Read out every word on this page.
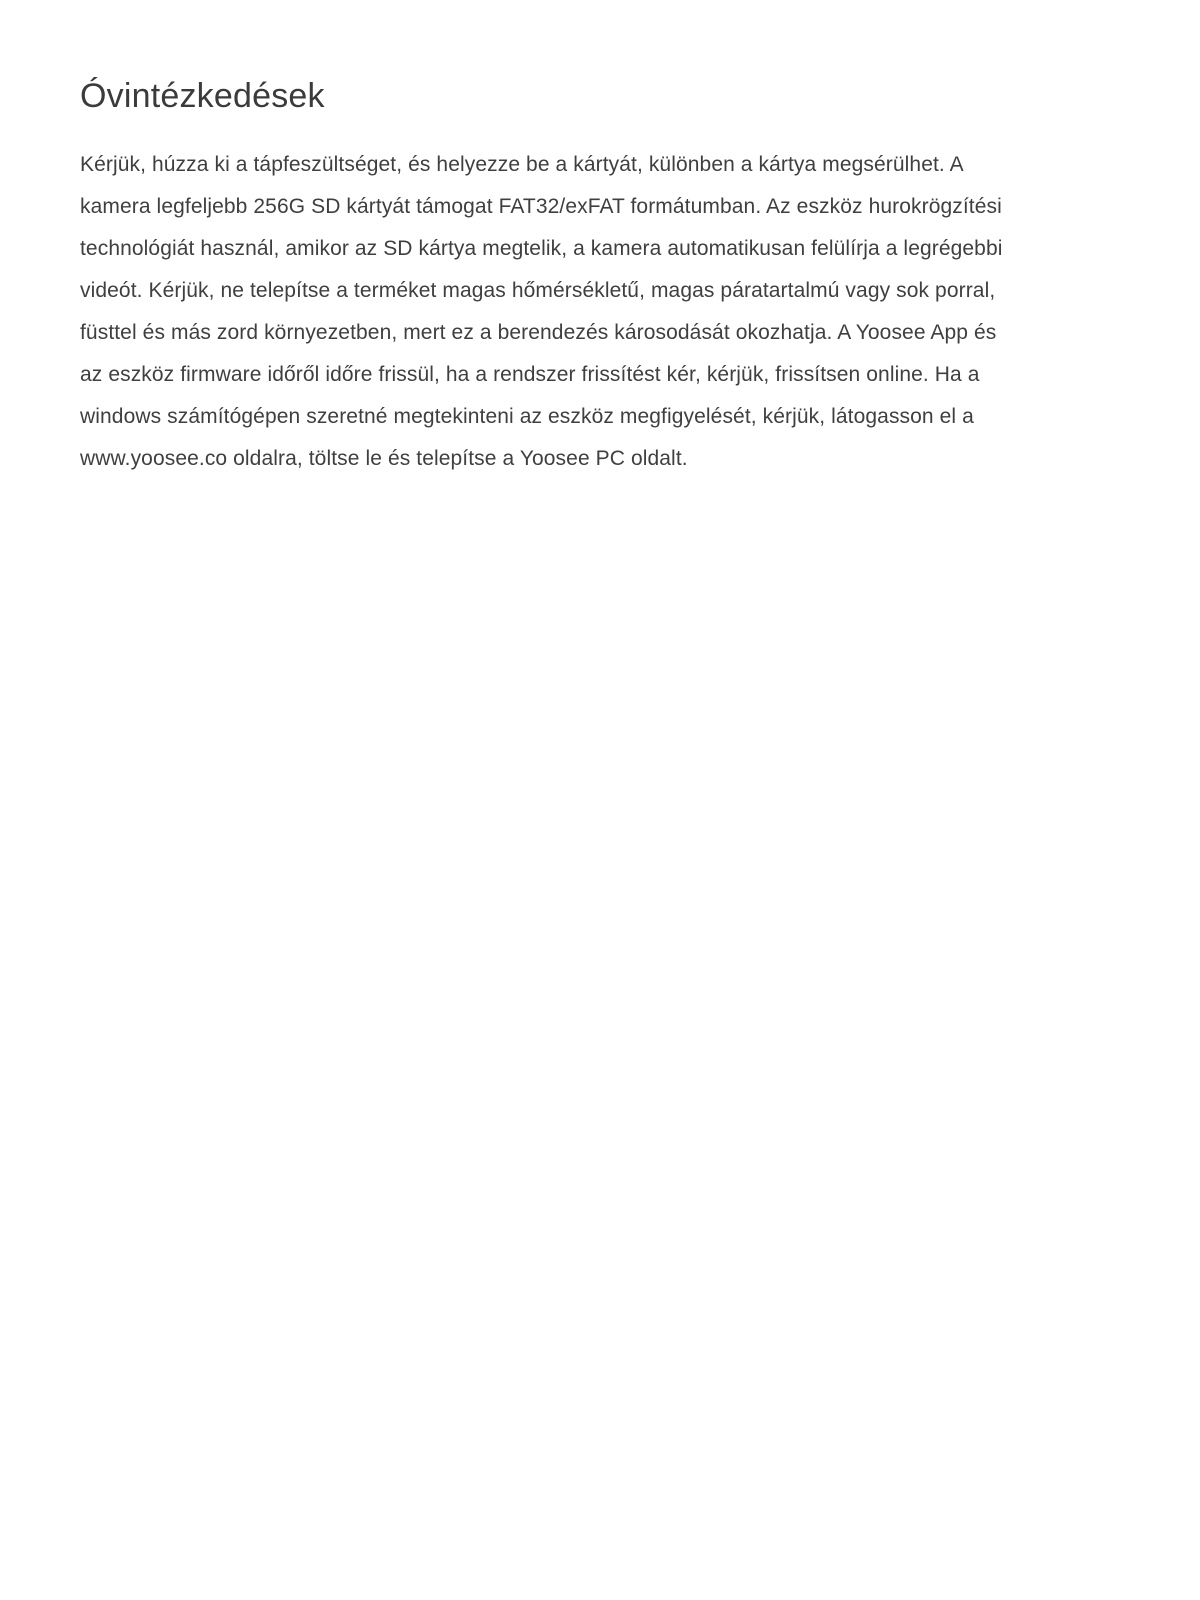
Óvintézkedések
Kérjük, húzza ki a tápfeszültséget, és helyezze be a kártyát, különben a kártya megsérülhet. A
kamera legfeljebb 256G SD kártyát támogat FAT32/exFAT formátumban. Az eszköz hurokrögzítési
technológiát használ, amikor az SD kártya megtelik, a kamera automatikusan felülírja a legrégebbi
videót. Kérjük, ne telepítse a terméket magas hőmérsékletű, magas páratartalmú vagy sok porral,
füsttel és más zord környezetben, mert ez a berendezés károsodását okozhatja. A Yoosee App és
az eszköz firmware időről időre frissül, ha a rendszer frissítést kér, kérjük, frissítsen online. Ha a
windows számítógépen szeretné megtekinteni az eszköz megfigyelését, kérjük, látogasson el a
www.yoosee.co oldalra, töltse le és telepítse a Yoosee PC oldalt.
